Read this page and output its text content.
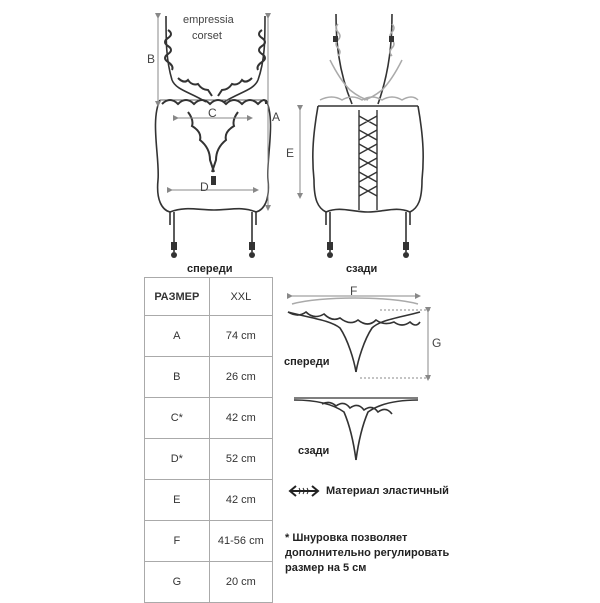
empressia
corset
B
A
C
D
E
F
G
спереди	сзади
спереди
сзади
РАЗМЕР	XXL
A	74 cm
B	26 cm
C*	42 cm
D*	52 cm
E	42 cm
F	41-56 cm
G	20 cm
Материал эластичный
* Шнуровка позволяет
дополнительно регулировать
размер на 5 см
